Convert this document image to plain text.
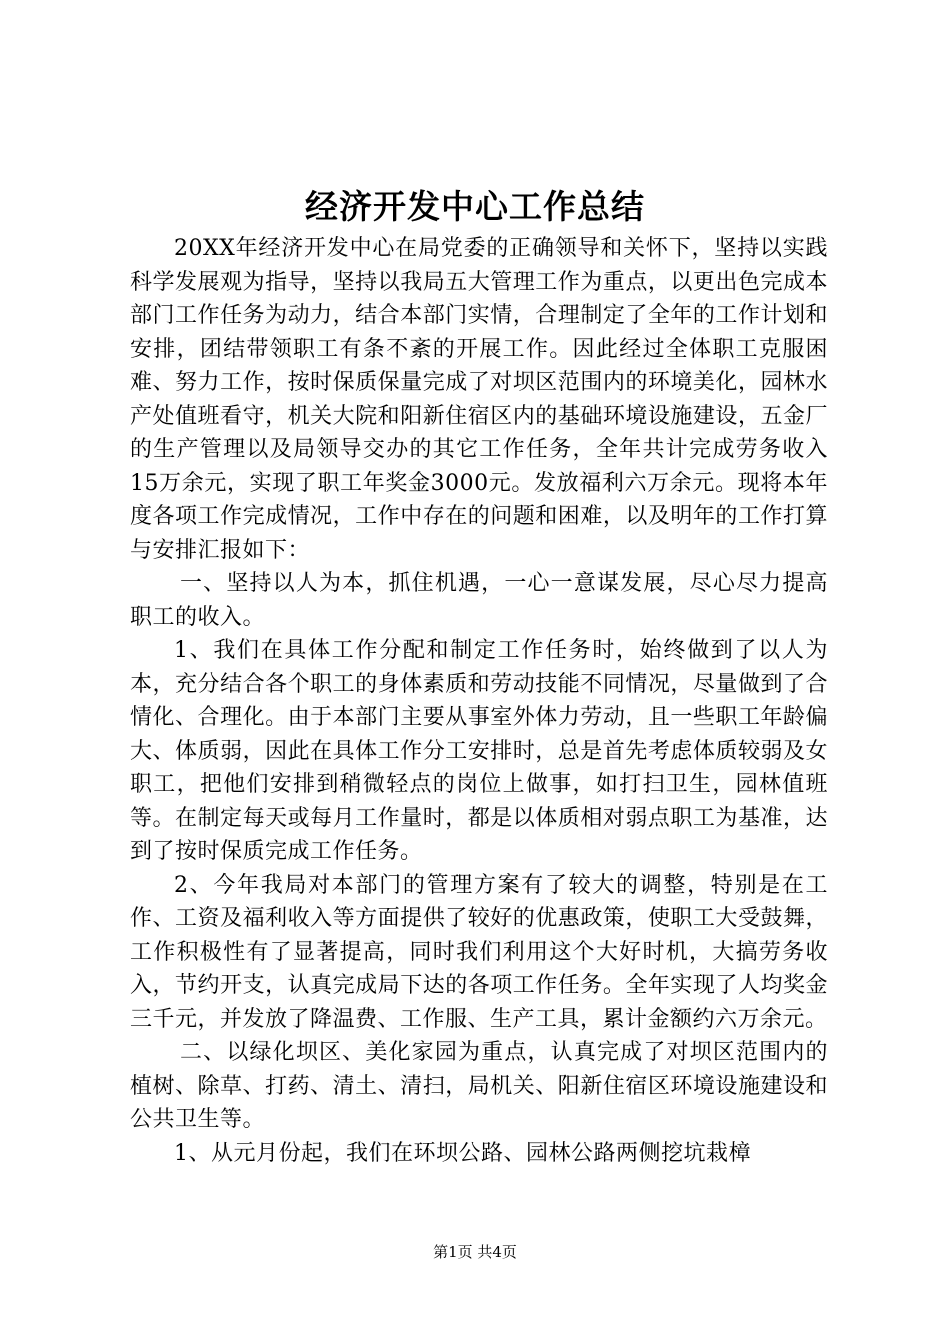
经济开发中心工作总结

20XX年经济开发中心在局党委的正确领导和关怀下，坚持以实践科学发展观为指导，坚持以我局五大管理工作为重点，以更出色完成本部门工作任务为动力，结合本部门实情，合理制定了全年的工作计划和安排，团结带领职工有条不紊的开展工作。因此经过全体职工克服困难、努力工作，按时保质保量完成了对坝区范围内的环境美化，园林水产处值班看守，机关大院和阳新住宿区内的基础环境设施建设，五金厂的生产管理以及局领导交办的其它工作任务，全年共计完成劳务收入15万余元，实现了职工年奖金3000元。发放福利六万余元。现将本年度各项工作完成情况，工作中存在的问题和困难，以及明年的工作打算与安排汇报如下：

一、坚持以人为本，抓住机遇，一心一意谋发展，尽心尽力提高职工的收入。

1、我们在具体工作分配和制定工作任务时，始终做到了以人为本，充分结合各个职工的身体素质和劳动技能不同情况，尽量做到了合情化、合理化。由于本部门主要从事室外体力劳动，且一些职工年龄偏大、体质弱，因此在具体工作分工安排时，总是首先考虑体质较弱及女职工，把他们安排到稍微轻点的岗位上做事，如打扫卫生，园林值班等。在制定每天或每月工作量时，都是以体质相对弱点职工为基准，达到了按时保质完成工作任务。

2、今年我局对本部门的管理方案有了较大的调整，特别是在工作、工资及福利收入等方面提供了较好的优惠政策，使职工大受鼓舞，工作积极性有了显著提高，同时我们利用这个大好时机，大搞劳务收入，节约开支，认真完成局下达的各项工作任务。全年实现了人均奖金三千元，并发放了降温费、工作服、生产工具，累计金额约六万余元。

二、以绿化坝区、美化家园为重点，认真完成了对坝区范围内的植树、除草、打药、清土、清扫，局机关、阳新住宿区环境设施建设和公共卫生等。

1、从元月份起，我们在环坝公路、园林公路两侧挖坑栽樟

第1页 共4页
